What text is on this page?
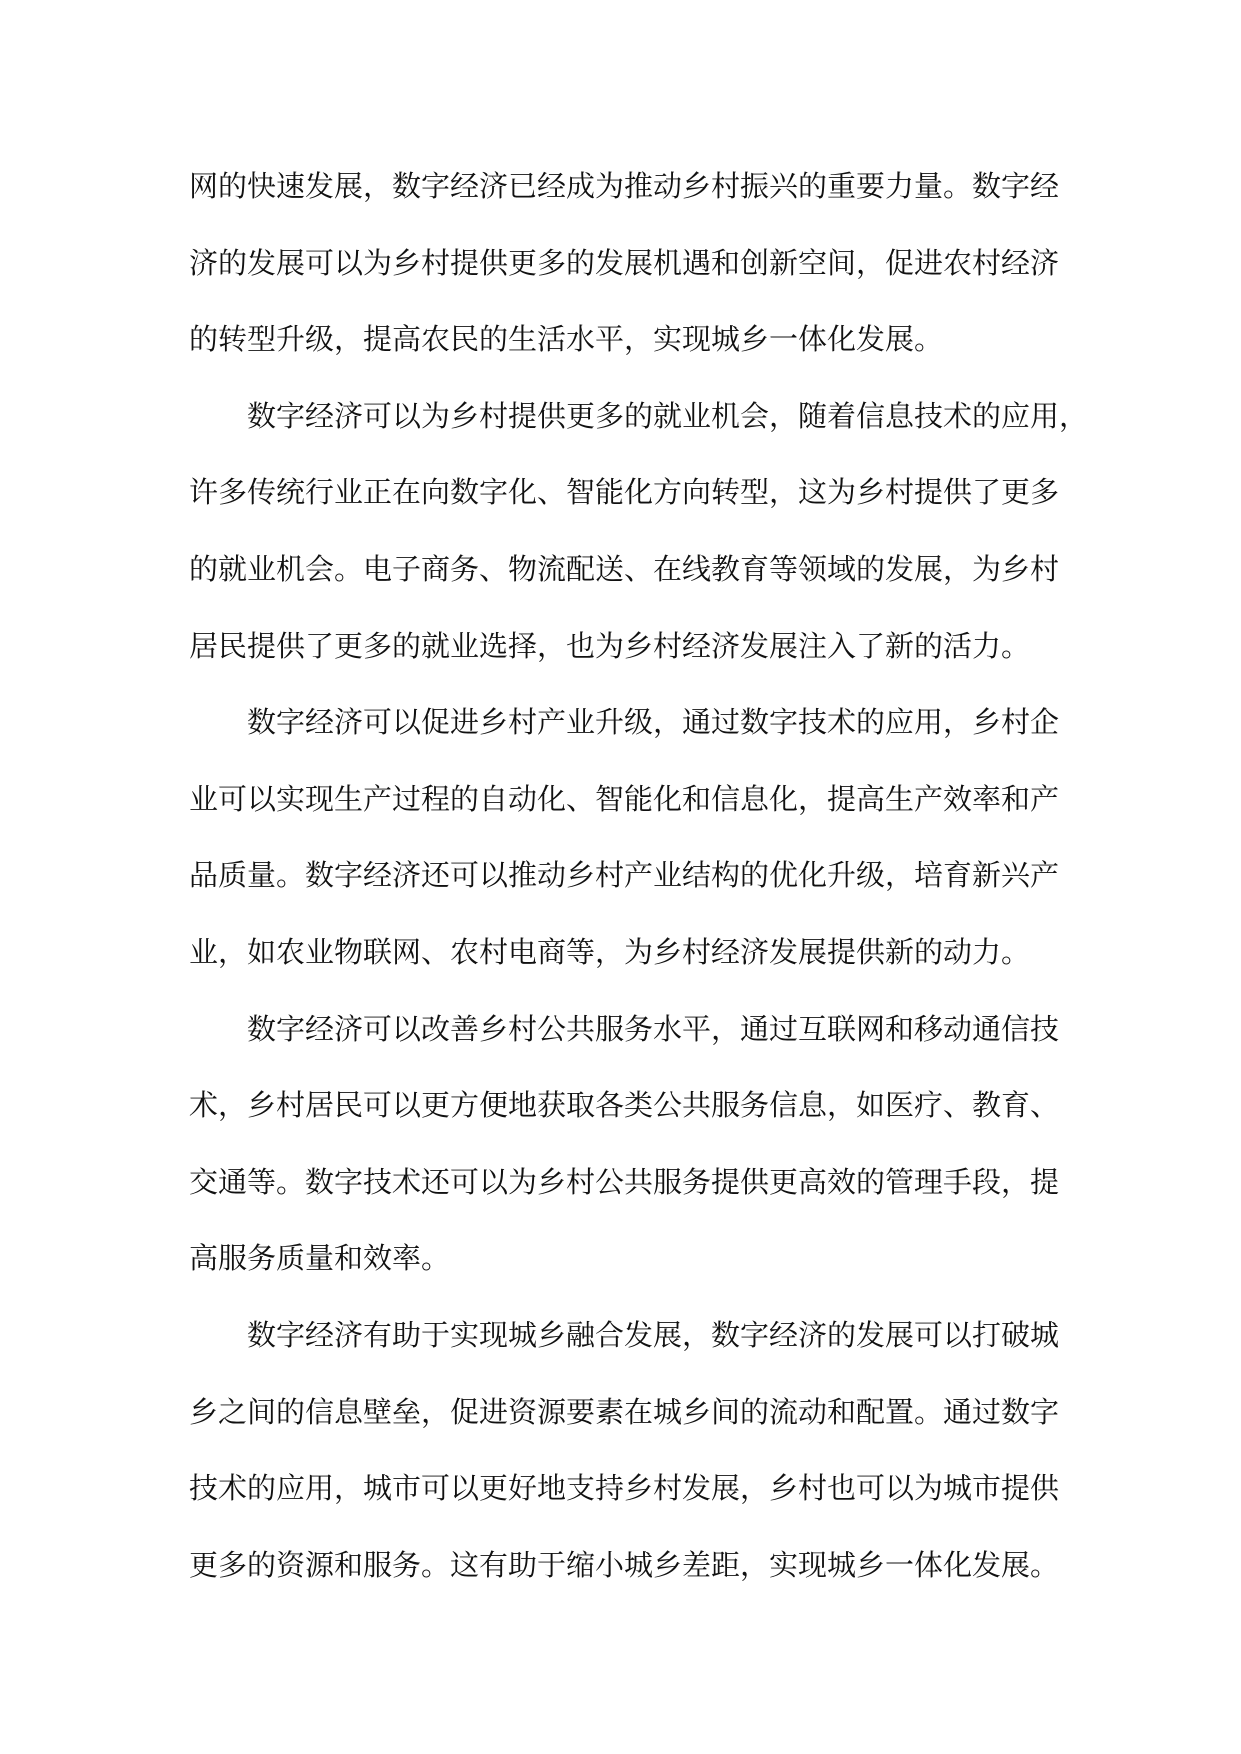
网的快速发展，数字经济已经成为推动乡村振兴的重要力量。数字经
济的发展可以为乡村提供更多的发展机遇和创新空间，促进农村经济
的转型升级，提高农民的生活水平，实现城乡一体化发展。
数字经济可以为乡村提供更多的就业机会，随着信息技术的应用，
许多传统行业正在向数字化、智能化方向转型，这为乡村提供了更多
的就业机会。电子商务、物流配送、在线教育等领域的发展，为乡村
居民提供了更多的就业选择，也为乡村经济发展注入了新的活力。
数字经济可以促进乡村产业升级，通过数字技术的应用，乡村企
业可以实现生产过程的自动化、智能化和信息化，提高生产效率和产
品质量。数字经济还可以推动乡村产业结构的优化升级，培育新兴产
业，如农业物联网、农村电商等，为乡村经济发展提供新的动力。
数字经济可以改善乡村公共服务水平，通过互联网和移动通信技
术，乡村居民可以更方便地获取各类公共服务信息，如医疗、教育、
交通等。数字技术还可以为乡村公共服务提供更高效的管理手段，提
高服务质量和效率。
数字经济有助于实现城乡融合发展，数字经济的发展可以打破城
乡之间的信息壁垒，促进资源要素在城乡间的流动和配置。通过数字
技术的应用，城市可以更好地支持乡村发展，乡村也可以为城市提供
更多的资源和服务。这有助于缩小城乡差距，实现城乡一体化发展。
